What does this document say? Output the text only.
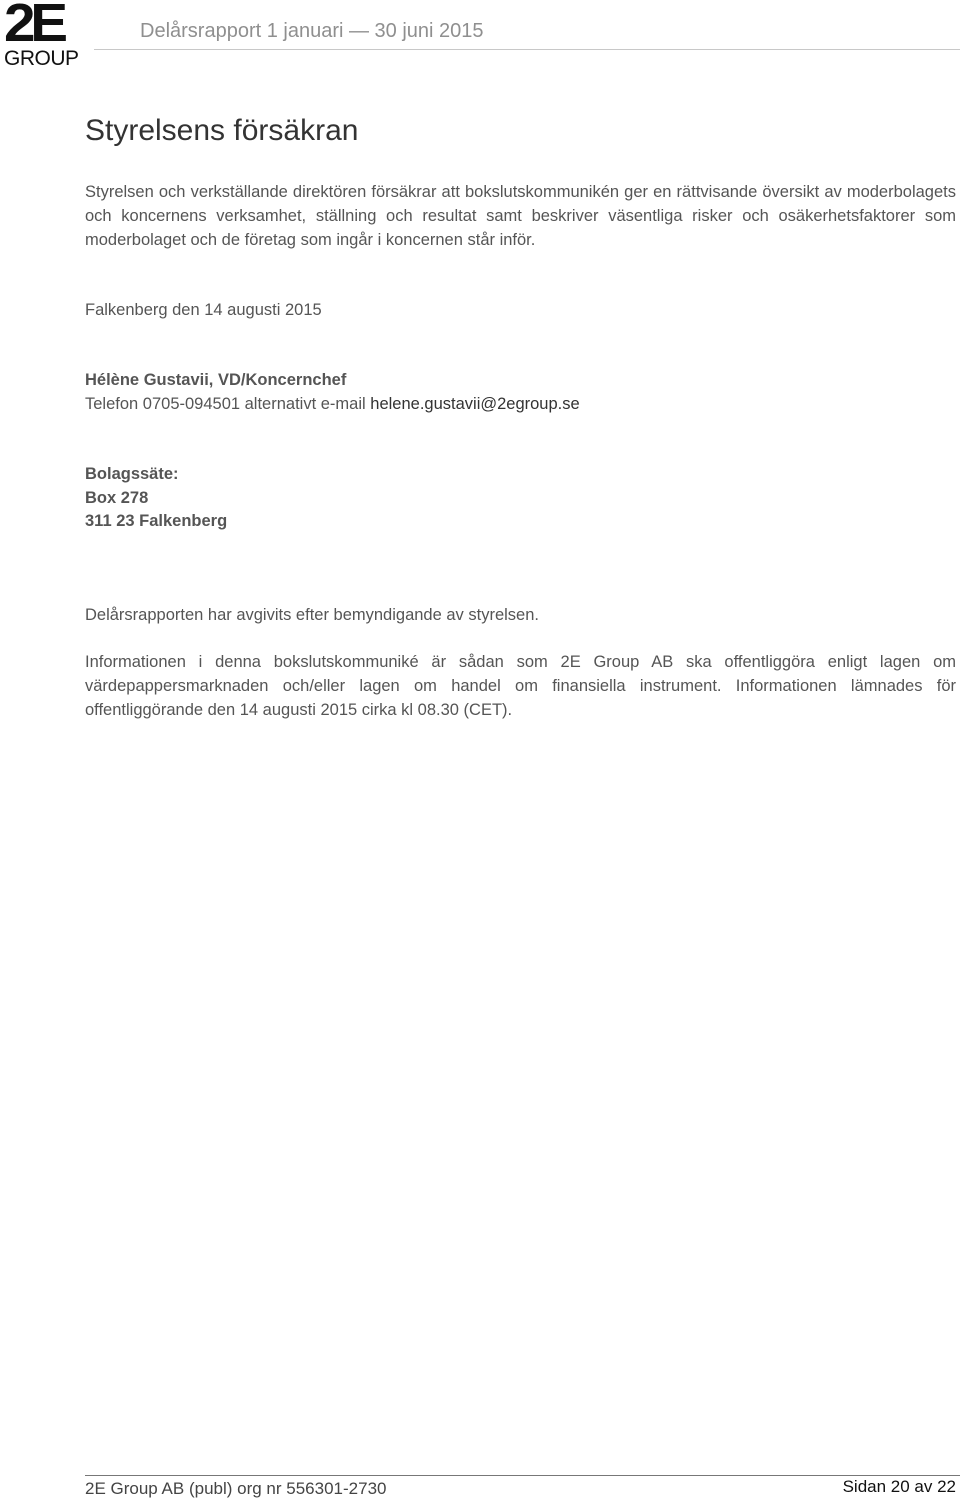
2E
GROUP
Delårsrapport 1 januari — 30 juni 2015
Styrelsens försäkran

Styrelsen och verkställande direktören försäkrar att bokslutskommunikén ger en rättvisande översikt av moderbolagets och koncernens verksamhet, ställning och resultat samt beskriver väsentliga risker och osäkerhetsfaktorer som moderbolaget och de företag som ingår i koncernen står inför.

Falkenberg den 14 augusti 2015
Hélène Gustavii, VD/Koncernchef
Telefon 0705-094501 alternativt e-mail helene.gustavii@2egroup.se
Bolagssäte:
Box 278
311 23 Falkenberg
Delårsrapporten har avgivits efter bemyndigande av styrelsen.

Informationen i denna bokslutskommuniké är sådan som 2E Group AB ska offentliggöra enligt lagen om värdepappersmarknaden och/eller lagen om handel om finansiella instrument. Informationen lämnades för offentliggörande den 14 augusti 2015 cirka kl 08.30 (CET).

2E Group AB (publ) org nr 556301-2730	Sidan 20 av 22
